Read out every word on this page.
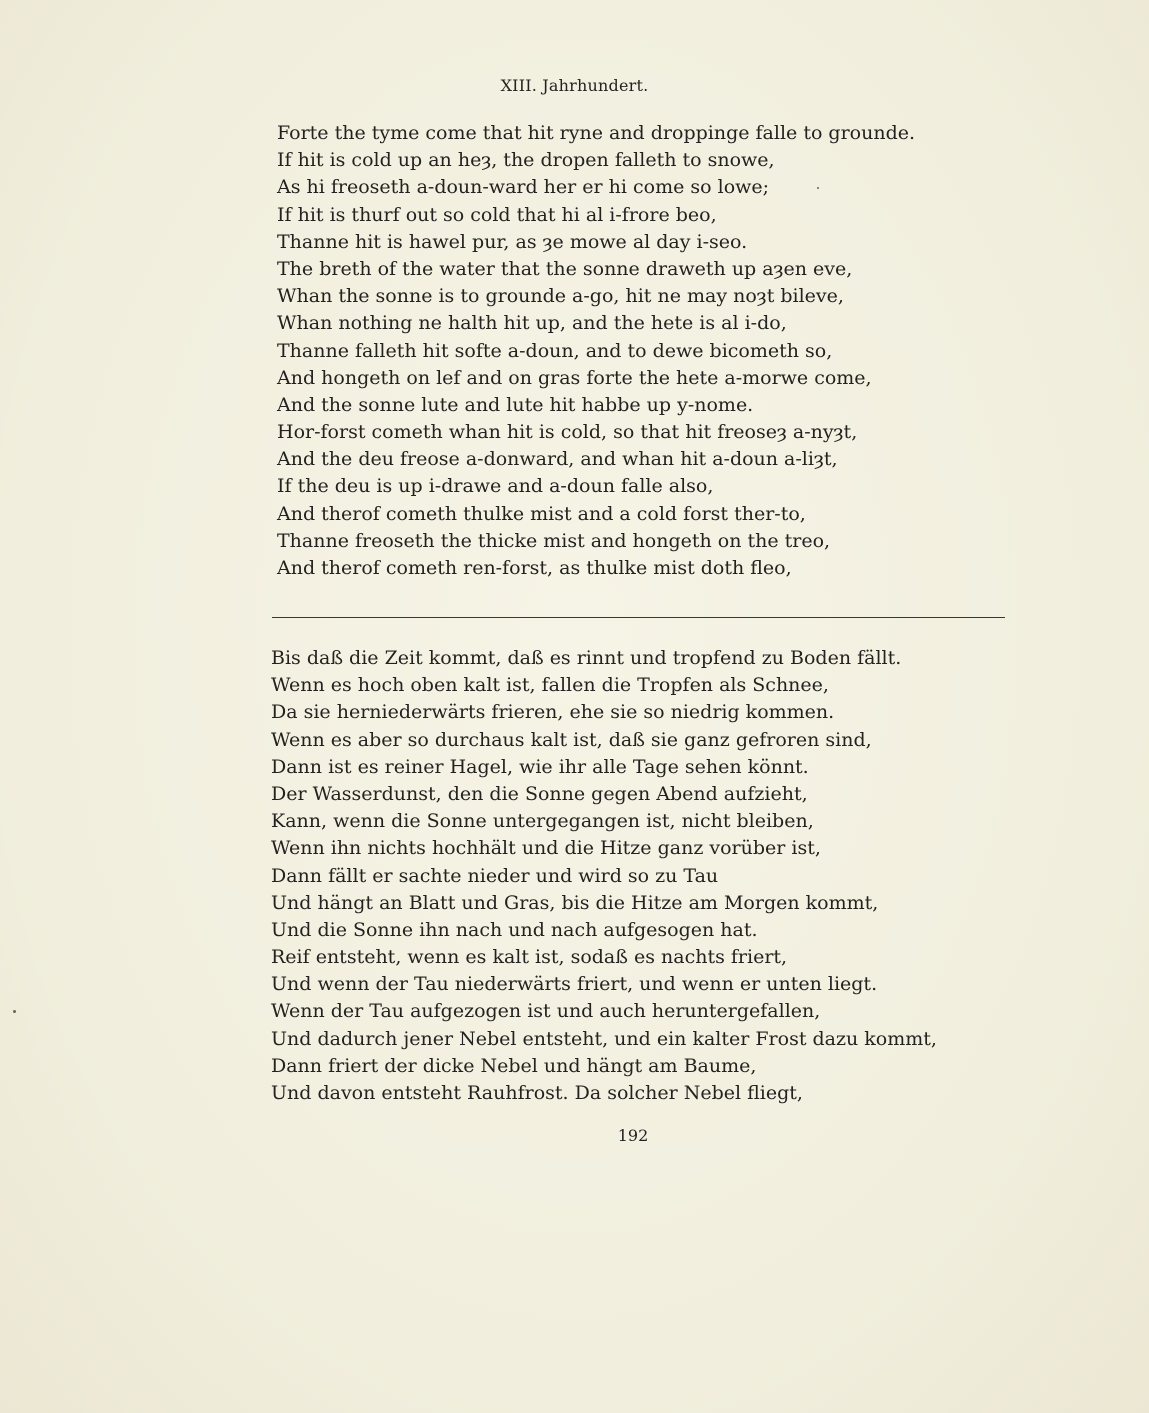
XIII. Jahrhundert.
Forte the tyme come that hit ryne and droppinge falle to grounde.
If hit is cold up an heȝ, the dropen falleth to snowe,
As hi freoseth a-doun-ward her er hi come so lowe;
If hit is thurf out so cold that hi al i-frore beo,
Thanne hit is hawel pur, as ȝe mowe al day i-seo.
The breth of the water that the sonne draweth up aȝen eve,
Whan the sonne is to grounde a-go, hit ne may noȝt bileve,
Whan nothing ne halth hit up, and the hete is al i-do,
Thanne falleth hit softe a-doun, and to dewe bicometh so,
And hongeth on lef and on gras forte the hete a-morwe come,
And the sonne lute and lute hit habbe up y-nome.
Hor-forst cometh whan hit is cold, so that hit freoseȝ a-nyȝt,
And the deu freose a-donward, and whan hit a-doun a-liȝt,
If the deu is up i-drawe and a-doun falle also,
And therof cometh thulke mist and a cold forst ther-to,
Thanne freoseth the thicke mist and hongeth on the treo,
And therof cometh ren-forst, as thulke mist doth fleo,
Bis daß die Zeit kommt, daß es rinnt und tropfend zu Boden fällt.
Wenn es hoch oben kalt ist, fallen die Tropfen als Schnee,
Da sie herniederwärts frieren, ehe sie so niedrig kommen.
Wenn es aber so durchaus kalt ist, daß sie ganz gefroren sind,
Dann ist es reiner Hagel, wie ihr alle Tage sehen könnt.
Der Wasserdunst, den die Sonne gegen Abend aufzieht,
Kann, wenn die Sonne untergegangen ist, nicht bleiben,
Wenn ihn nichts hochhält und die Hitze ganz vorüber ist,
Dann fällt er sachte nieder und wird so zu Tau
Und hängt an Blatt und Gras, bis die Hitze am Morgen kommt,
Und die Sonne ihn nach und nach aufgesogen hat.
Reif entsteht, wenn es kalt ist, sodaß es nachts friert,
Und wenn der Tau niederwärts friert, und wenn er unten liegt.
Wenn der Tau aufgezogen ist und auch heruntergefallen,
Und dadurch jener Nebel entsteht, und ein kalter Frost dazu kommt,
Dann friert der dicke Nebel und hängt am Baume,
Und davon entsteht Rauhfrost. Da solcher Nebel fliegt,
192
